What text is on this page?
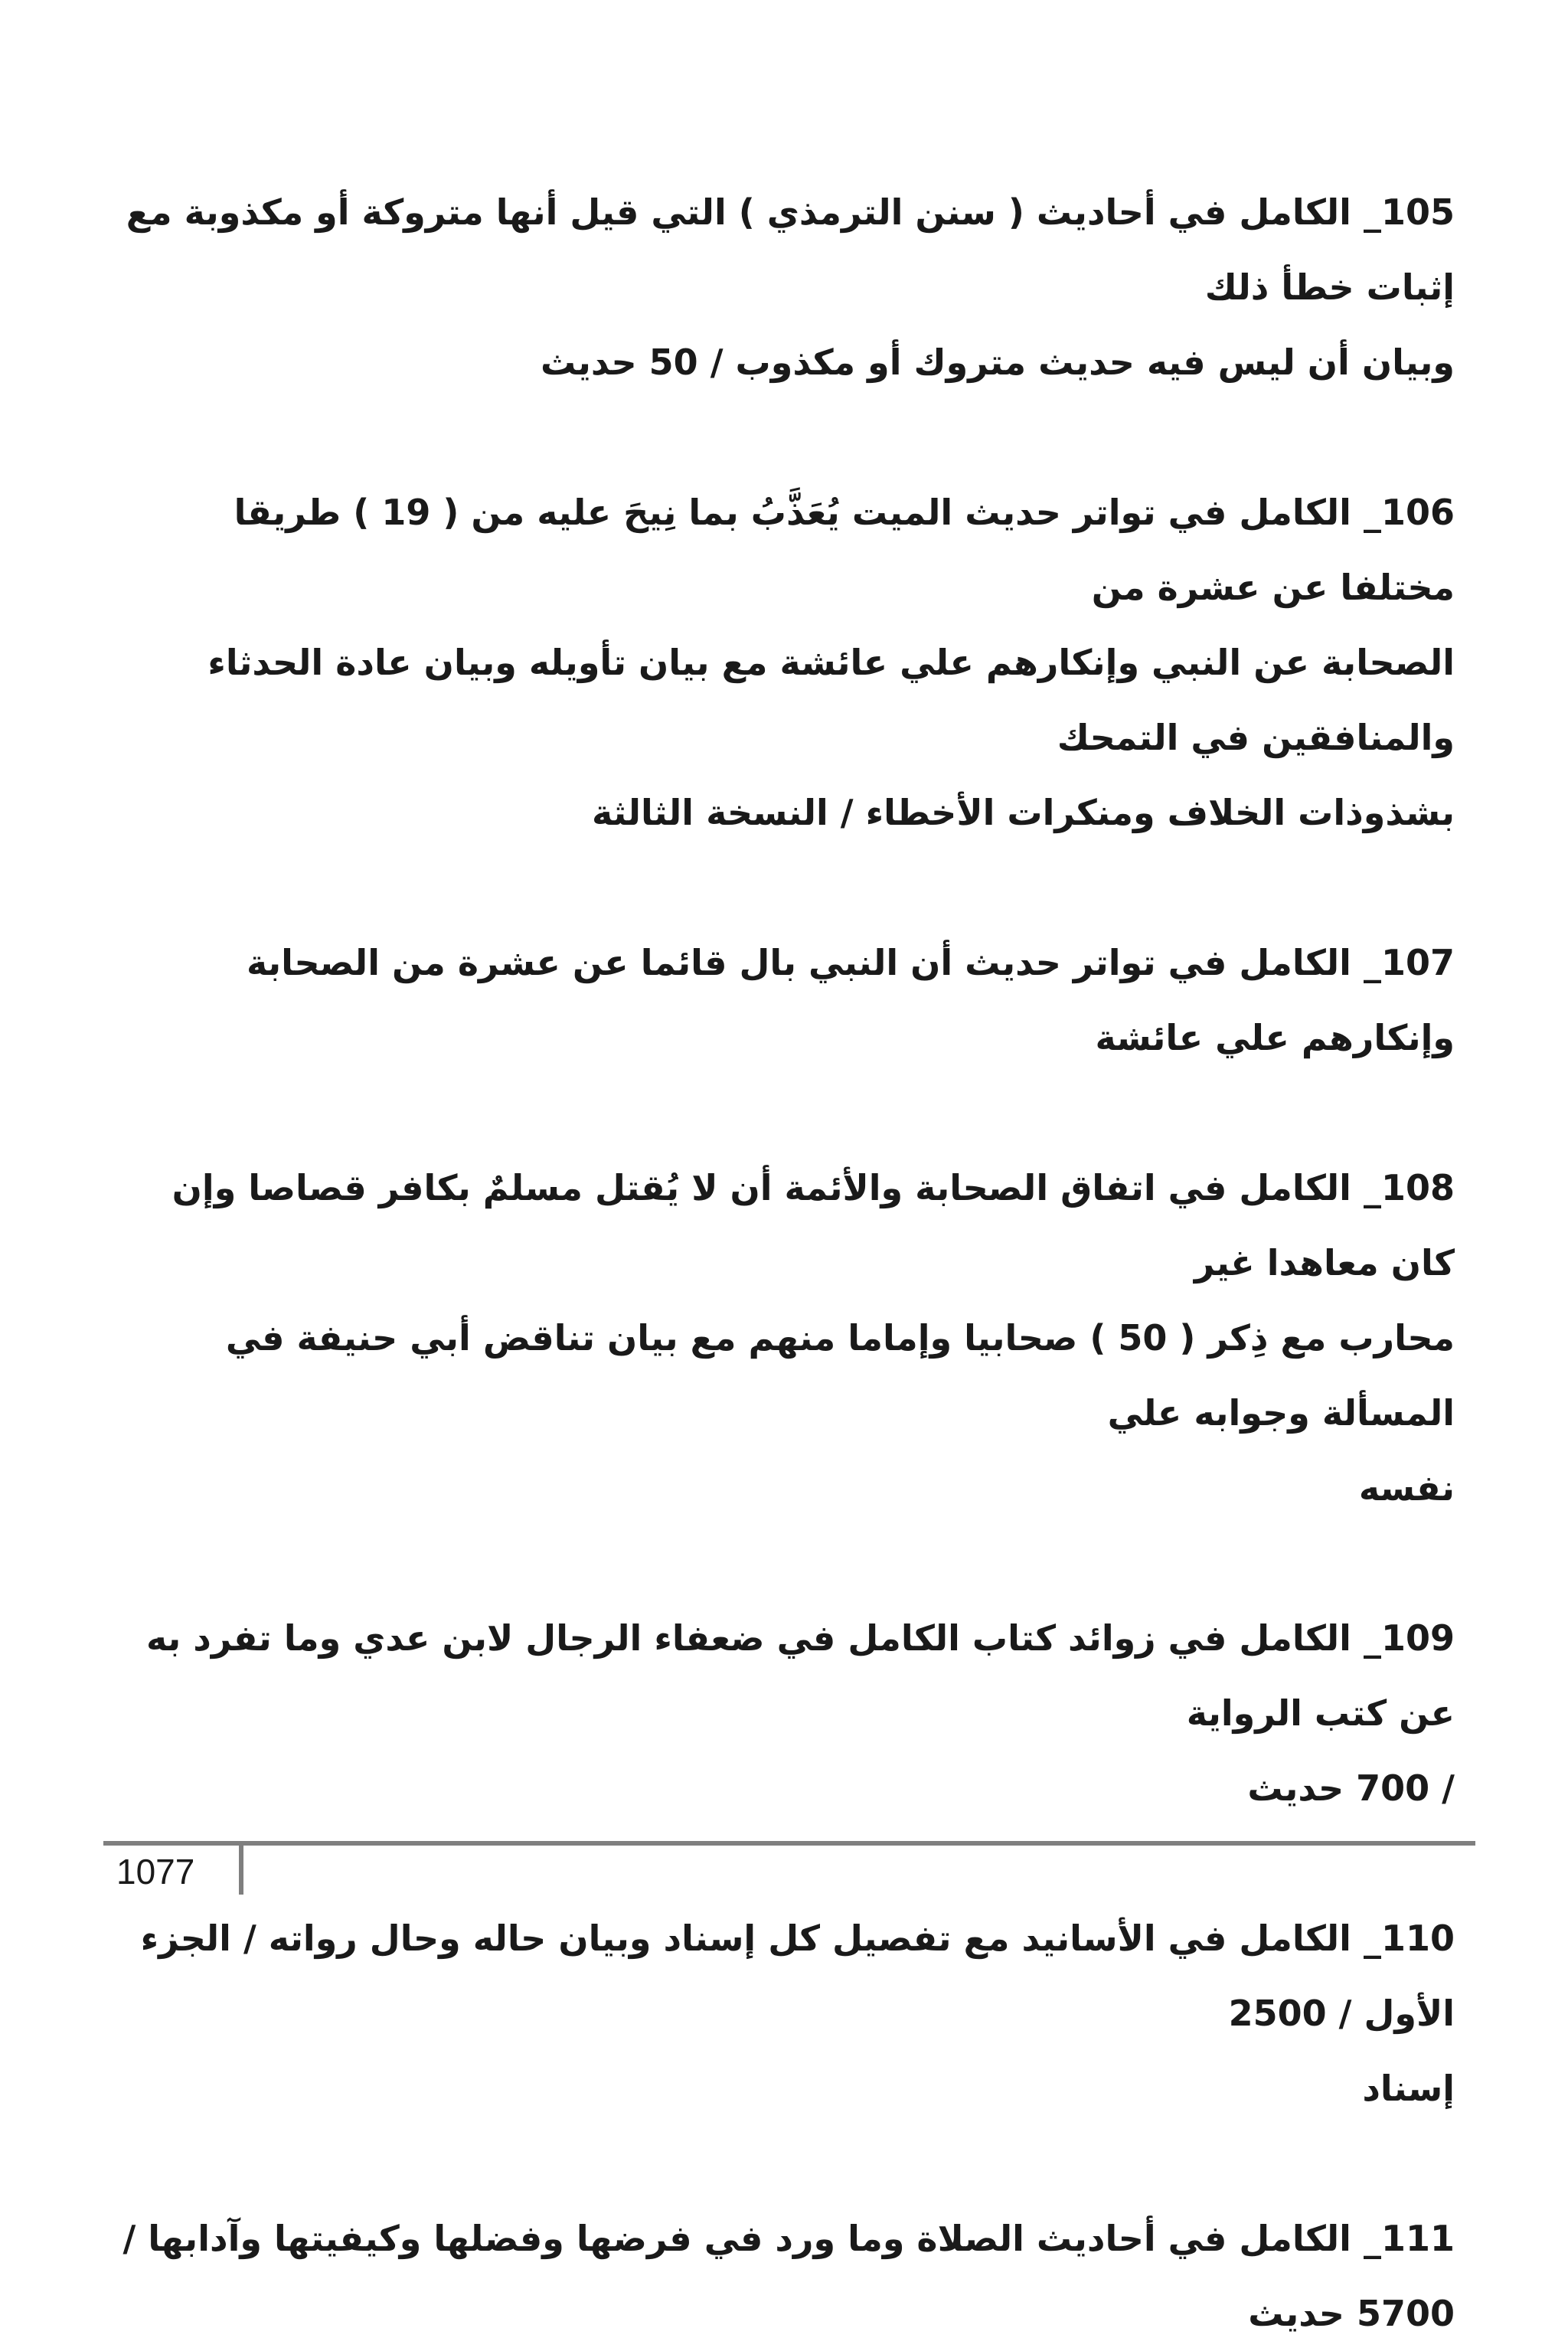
105_ الكامل في أحاديث ( سنن الترمذي ) التي قيل أنها متروكة أو مكذوبة مع إثبات خطأ ذلك
وبيان أن ليس فيه حديث متروك أو مكذوب / 50 حديث

106_ الكامل في تواتر حديث الميت يُعَذَّبُ بما نِيحَ عليه من ( 19 ) طريقا مختلفا عن عشرة من
الصحابة عن النبي وإنكارهم علي عائشة مع بيان تأويله وبيان عادة الحدثاء والمنافقين في التمحك
بشذوذات الخلاف ومنكرات الأخطاء / النسخة الثالثة

107_ الكامل في تواتر حديث أن النبي بال قائما عن عشرة من الصحابة وإنكارهم علي عائشة

108_ الكامل في اتفاق الصحابة والأئمة أن لا يُقتل مسلمٌ بكافر قصاصا وإن كان معاهدا غير
محارب مع ذِكر ( 50 ) صحابيا وإماما منهم مع بيان تناقض أبي حنيفة في المسألة وجوابه علي
نفسه

109_ الكامل في زوائد كتاب الكامل في ضعفاء الرجال لابن عدي وما تفرد به عن كتب الرواية
/ 700 حديث

110_ الكامل في الأسانيد مع تفصيل كل إسناد وبيان حاله وحال رواته / الجزء الأول / 2500
إسناد

111_ الكامل في أحاديث الصلاة وما ورد في فرضها وفضلها وكيفيتها وآدابها / 5700 حديث

1077
